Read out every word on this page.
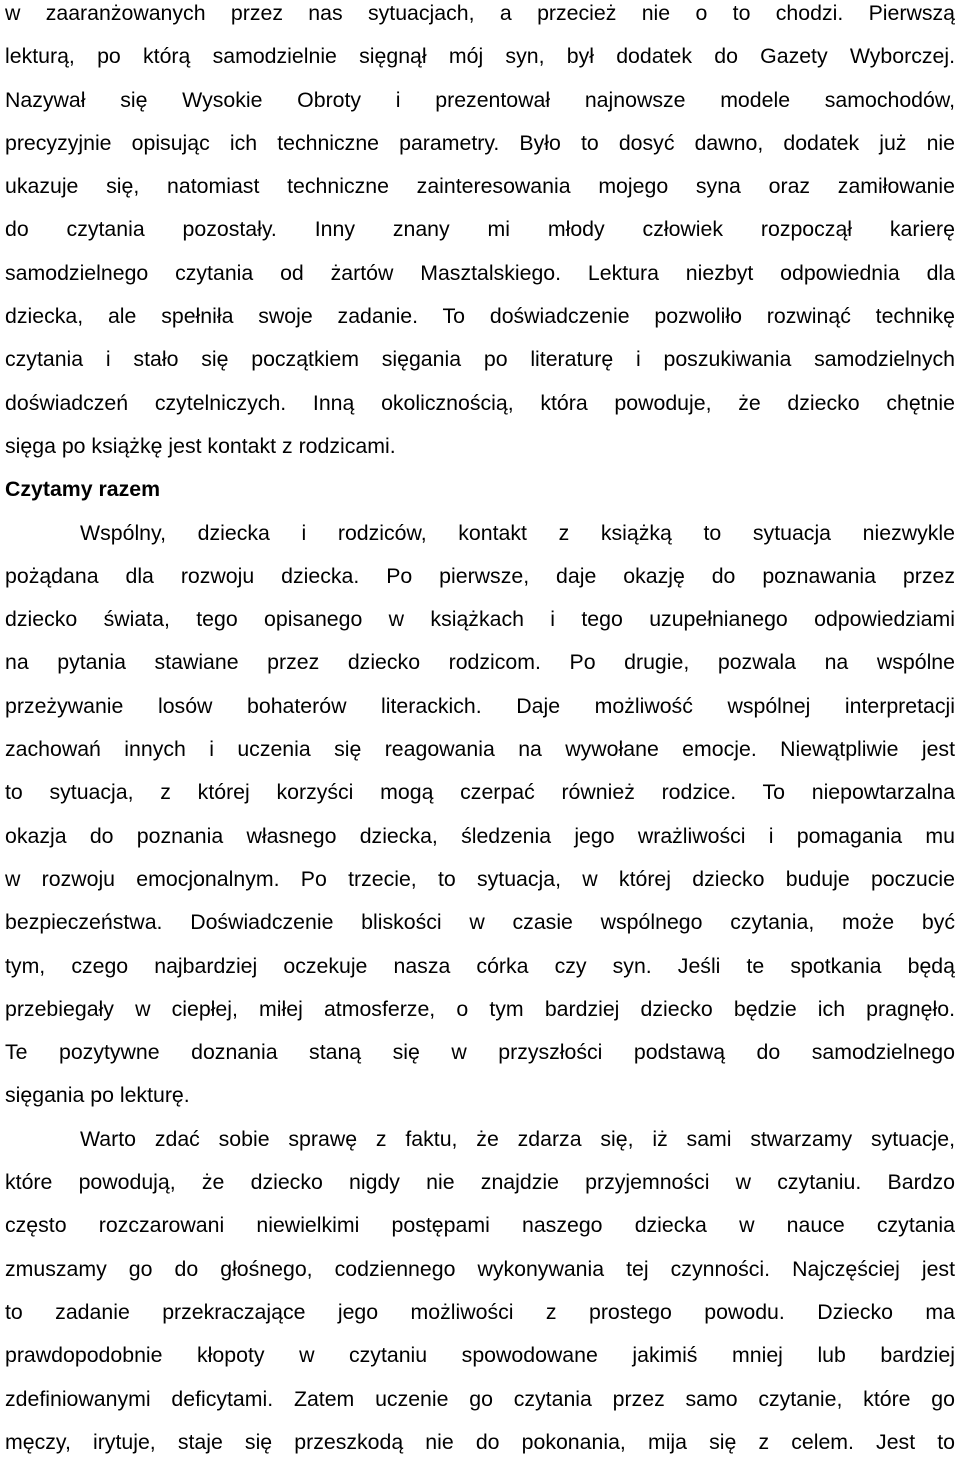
w zaaranżowanych przez nas sytuacjach, a przecież nie o to chodzi. Pierwszą
lekturą, po którą samodzielnie sięgnął mój syn, był dodatek do Gazety Wyborczej.
Nazywał się Wysokie Obroty i prezentował najnowsze modele samochodów,
precyzyjnie opisując ich techniczne parametry. Było to dosyć dawno, dodatek już nie
ukazuje się, natomiast techniczne zainteresowania mojego syna oraz zamiłowanie
do czytania pozostały. Inny znany mi młody człowiek rozpoczął karierę
samodzielnego czytania od żartów Masztalskiego. Lektura niezbyt odpowiednia dla
dziecka, ale spełniła swoje zadanie. To doświadczenie pozwoliło rozwinąć technikę
czytania i stało się początkiem sięgania po literaturę i poszukiwania samodzielnych
doświadczeń czytelniczych. Inną okolicznością, która powoduje, że dziecko chętnie
sięga po książkę jest kontakt z rodzicami.
Czytamy razem
Wspólny, dziecka i rodziców, kontakt z książką to sytuacja niezwykle
pożądana dla rozwoju dziecka. Po pierwsze, daje okazję do poznawania przez
dziecko świata, tego opisanego w książkach i tego uzupełnianego odpowiedziami
na pytania stawiane przez dziecko rodzicom. Po drugie, pozwala na wspólne
przeżywanie losów bohaterów literackich. Daje możliwość wspólnej interpretacji
zachowań innych i uczenia się reagowania na wywołane emocje. Niewątpliwie jest
to sytuacja, z której korzyści mogą czerpać również rodzice. To niepowtarzalna
okazja do poznania własnego dziecka, śledzenia jego wrażliwości i pomagania mu
w rozwoju emocjonalnym. Po trzecie, to sytuacja, w której dziecko buduje poczucie
bezpieczeństwa. Doświadczenie bliskości w czasie wspólnego czytania, może być
tym, czego najbardziej oczekuje nasza córka czy syn. Jeśli te spotkania będą
przebiegały w ciepłej, miłej atmosferze, o tym bardziej dziecko będzie ich pragnęło.
Te pozytywne doznania staną się w przyszłości podstawą do samodzielnego
sięgania po lekturę.
Warto zdać sobie sprawę z faktu, że zdarza się, iż sami stwarzamy sytuacje,
które powodują, że dziecko nigdy nie znajdzie przyjemności w czytaniu. Bardzo
często rozczarowani niewielkimi postępami naszego dziecka w nauce czytania
zmuszamy go do głośnego, codziennego wykonywania tej czynności. Najczęściej jest
to zadanie przekraczające jego możliwości z prostego powodu. Dziecko ma
prawdopodobnie kłopoty w czytaniu spowodowane jakimiś mniej lub bardziej
zdefiniowanymi deficytami. Zatem uczenie go czytania przez samo czytanie, które go
męczy, irytuje, staje się przeszkodą nie do pokonania, mija się z celem. Jest to
